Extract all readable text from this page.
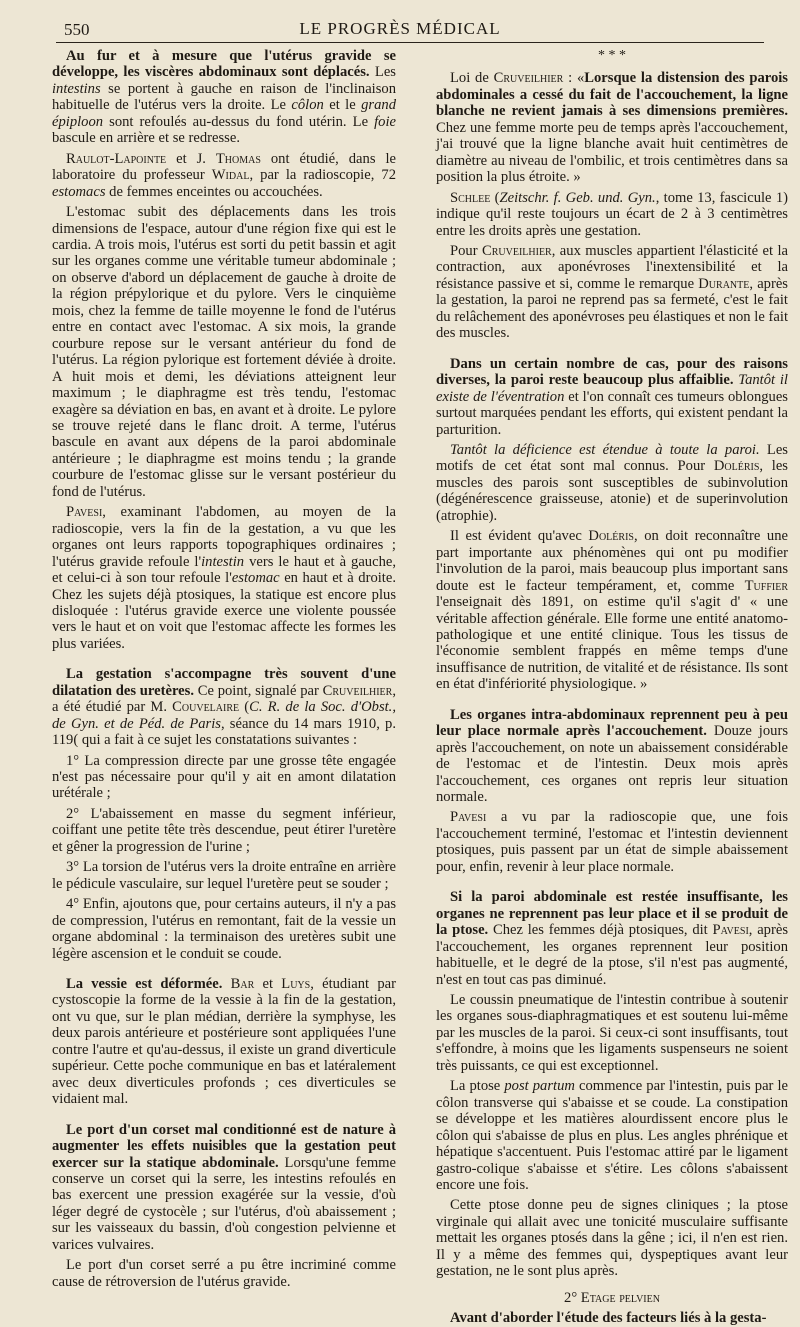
550	LE PROGRÈS MÉDICAL

Au fur et à mesure que l'utérus gravide se développe, les viscères abdominaux sont déplacés. Les intestins se portent à gauche en raison de l'inclinaison habituelle de l'utérus vers la droite. Le côlon et le grand épiploon sont refoulés au-dessus du fond utérin. Le foie bascule en arrière et se redresse.

Raulot-Lapointe et J. Thomas ont étudié, dans le laboratoire du professeur Widal, par la radioscopie, 72 estomacs de femmes enceintes ou accouchées.

L'estomac subit des déplacements dans les trois dimensions de l'espace, autour d'une région fixe qui est le cardia. A trois mois, l'utérus est sorti du petit bassin et agit sur les organes comme une véritable tumeur abdominale ; on observe d'abord un déplacement de gauche à droite de la région prépylorique et du pylore. Vers le cinquième mois, chez la femme de taille moyenne le fond de l'utérus entre en contact avec l'estomac. A six mois, la grande courbure repose sur le versant antérieur du fond de l'utérus. La région pylorique est fortement déviée à droite. A huit mois et demi, les déviations atteignent leur maximum ; le diaphragme est très tendu, l'estomac exagère sa déviation en bas, en avant et à droite. Le pylore se trouve rejeté dans le flanc droit. A terme, l'utérus bascule en avant aux dépens de la paroi abdominale antérieure ; le diaphragme est moins tendu ; la grande courbure de l'estomac glisse sur le versant postérieur du fond de l'utérus.

Pavesi, examinant l'abdomen, au moyen de la radioscopie, vers la fin de la gestation, a vu que les organes ont leurs rapports topographiques ordinaires ; l'utérus gravide refoule l'intestin vers le haut et à gauche, et celui-ci à son tour refoule l'estomac en haut et à droite. Chez les sujets déjà ptosiques, la statique est encore plus disloquée : l'utérus gravide exerce une violente poussée vers le haut et on voit que l'estomac affecte les formes les plus variées.

La gestation s'accompagne très souvent d'une dilatation des uretères. Ce point, signalé par Cruveilhier, a été étudié par M. Couvelaire (C. R. de la Soc. d'Obst., de Gyn. et de Péd. de Paris, séance du 14 mars 1910, p. 119( qui a fait à ce sujet les constatations suivantes :

1° La compression directe par une grosse tête engagée n'est pas nécessaire pour qu'il y ait en amont dilatation urétérale ;

2° L'abaissement en masse du segment inférieur, coiffant une petite tête très descendue, peut étirer l'uretère et gêner la progression de l'urine ;

3° La torsion de l'utérus vers la droite entraîne en arrière le pédicule vasculaire, sur lequel l'uretère peut se souder ;

4° Enfin, ajoutons que, pour certains auteurs, il n'y a pas de compression, l'utérus en remontant, fait de la vessie un organe abdominal : la terminaison des uretères subit une légère ascension et le conduit se coude.

La vessie est déformée. Bar et Luys, étudiant par cystoscopie la forme de la vessie à la fin de la gestation, ont vu que, sur le plan médian, derrière la symphyse, les deux parois antérieure et postérieure sont appliquées l'une contre l'autre et qu'au-dessus, il existe un grand diverticule supérieur. Cette poche communique en bas et latéralement avec deux diverticules profonds ; ces diverticules se vidaient mal.

Le port d'un corset mal conditionné est de nature à augmenter les effets nuisibles que la gestation peut exercer sur la statique abdominale. Lorsqu'une femme conserve un corset qui la serre, les intestins refoulés en bas exercent une pression exagérée sur la vessie, d'où léger degré de cystocèle ; sur l'utérus, d'où abaissement ; sur les vaisseaux du bassin, d'où congestion pelvienne et varices vulvaires.

Le port d'un corset serré a pu être incriminé comme cause de rétroversion de l'utérus gravide.

* * *

Loi de Cruveilhier : «Lorsque la distension des parois abdominales a cessé du fait de l'accouchement, la ligne blanche ne revient jamais à ses dimensions premières. Chez une femme morte peu de temps après l'accouchement, j'ai trouvé que la ligne blanche avait huit centimètres de diamètre au niveau de l'ombilic, et trois centimètres dans sa position la plus étroite. »

Schlee (Zeitschr. f. Geb. und. Gyn., tome 13, fascicule 1) indique qu'il reste toujours un écart de 2 à 3 centimètres entre les droits après une gestation.

Pour Cruveilhier, aux muscles appartient l'élasticité et la contraction, aux aponévroses l'inextensibilité et la résistance passive et si, comme le remarque Durante, après la gestation, la paroi ne reprend pas sa fermeté, c'est le fait du relâchement des aponévroses peu élastiques et non le fait des muscles.

Dans un certain nombre de cas, pour des raisons diverses, la paroi reste beaucoup plus affaiblie. Tantôt il existe de l'éventration et l'on connaît ces tumeurs oblongues surtout marquées pendant les efforts, qui existent pendant la parturition.

Tantôt la déficience est étendue à toute la paroi. Les motifs de cet état sont mal connus. Pour Doléris, les muscles des parois sont susceptibles de subinvolution (dégénérescence graisseuse, atonie) et de superinvolution (atrophie).

Il est évident qu'avec Doléris, on doit reconnaître une part importante aux phénomènes qui ont pu modifier l'involution de la paroi, mais beaucoup plus important sans doute est le facteur tempérament, et, comme Tuffier l'enseignait dès 1891, on estime qu'il s'agit d' « une véritable affection générale. Elle forme une entité anatomo-pathologique et une entité clinique. Tous les tissus de l'économie semblent frappés en même temps d'une insuffisance de nutrition, de vitalité et de résistance. Ils sont en état d'infériorité physiologique. »

Les organes intra-abdominaux reprennent peu à peu leur place normale après l'accouchement. Douze jours après l'accouchement, on note un abaissement considérable de l'estomac et de l'intestin. Deux mois après l'accouchement, ces organes ont repris leur situation normale.

Pavesi a vu par la radioscopie que, une fois l'accouchement terminé, l'estomac et l'intestin deviennent ptosiques, puis passent par un état de simple abaissement pour, enfin, revenir à leur place normale.

Si la paroi abdominale est restée insuffisante, les organes ne reprennent pas leur place et il se produit de la ptose. Chez les femmes déjà ptosiques, dit Pavesi, après l'accouchement, les organes reprennent leur position habituelle, et le degré de la ptose, s'il n'est pas augmenté, n'est en tout cas pas diminué.

Le coussin pneumatique de l'intestin contribue à soutenir les organes sous-diaphragmatiques et est soutenu lui-même par les muscles de la paroi. Si ceux-ci sont insuffisants, tout s'effondre, à moins que les ligaments suspenseurs ne soient très puissants, ce qui est exceptionnel.

La ptose post partum commence par l'intestin, puis par le côlon transverse qui s'abaisse et se coude. La constipation se développe et les matières alourdissent encore plus le côlon qui s'abaisse de plus en plus. Les angles phrénique et hépatique s'accentuent. Puis l'estomac attiré par le ligament gastro-colique s'abaisse et s'étire. Les côlons s'abaissent encore une fois.

Cette ptose donne peu de signes cliniques ; la ptose virginale qui allait avec une tonicité musculaire suffisante mettait les organes ptosés dans la gêne ; ici, il n'en est rien. Il y a même des femmes qui, dyspeptiques avant leur gestation, ne le sont plus après.

2° Etage pelvien

Avant d'aborder l'étude des facteurs liés à la gesta-
